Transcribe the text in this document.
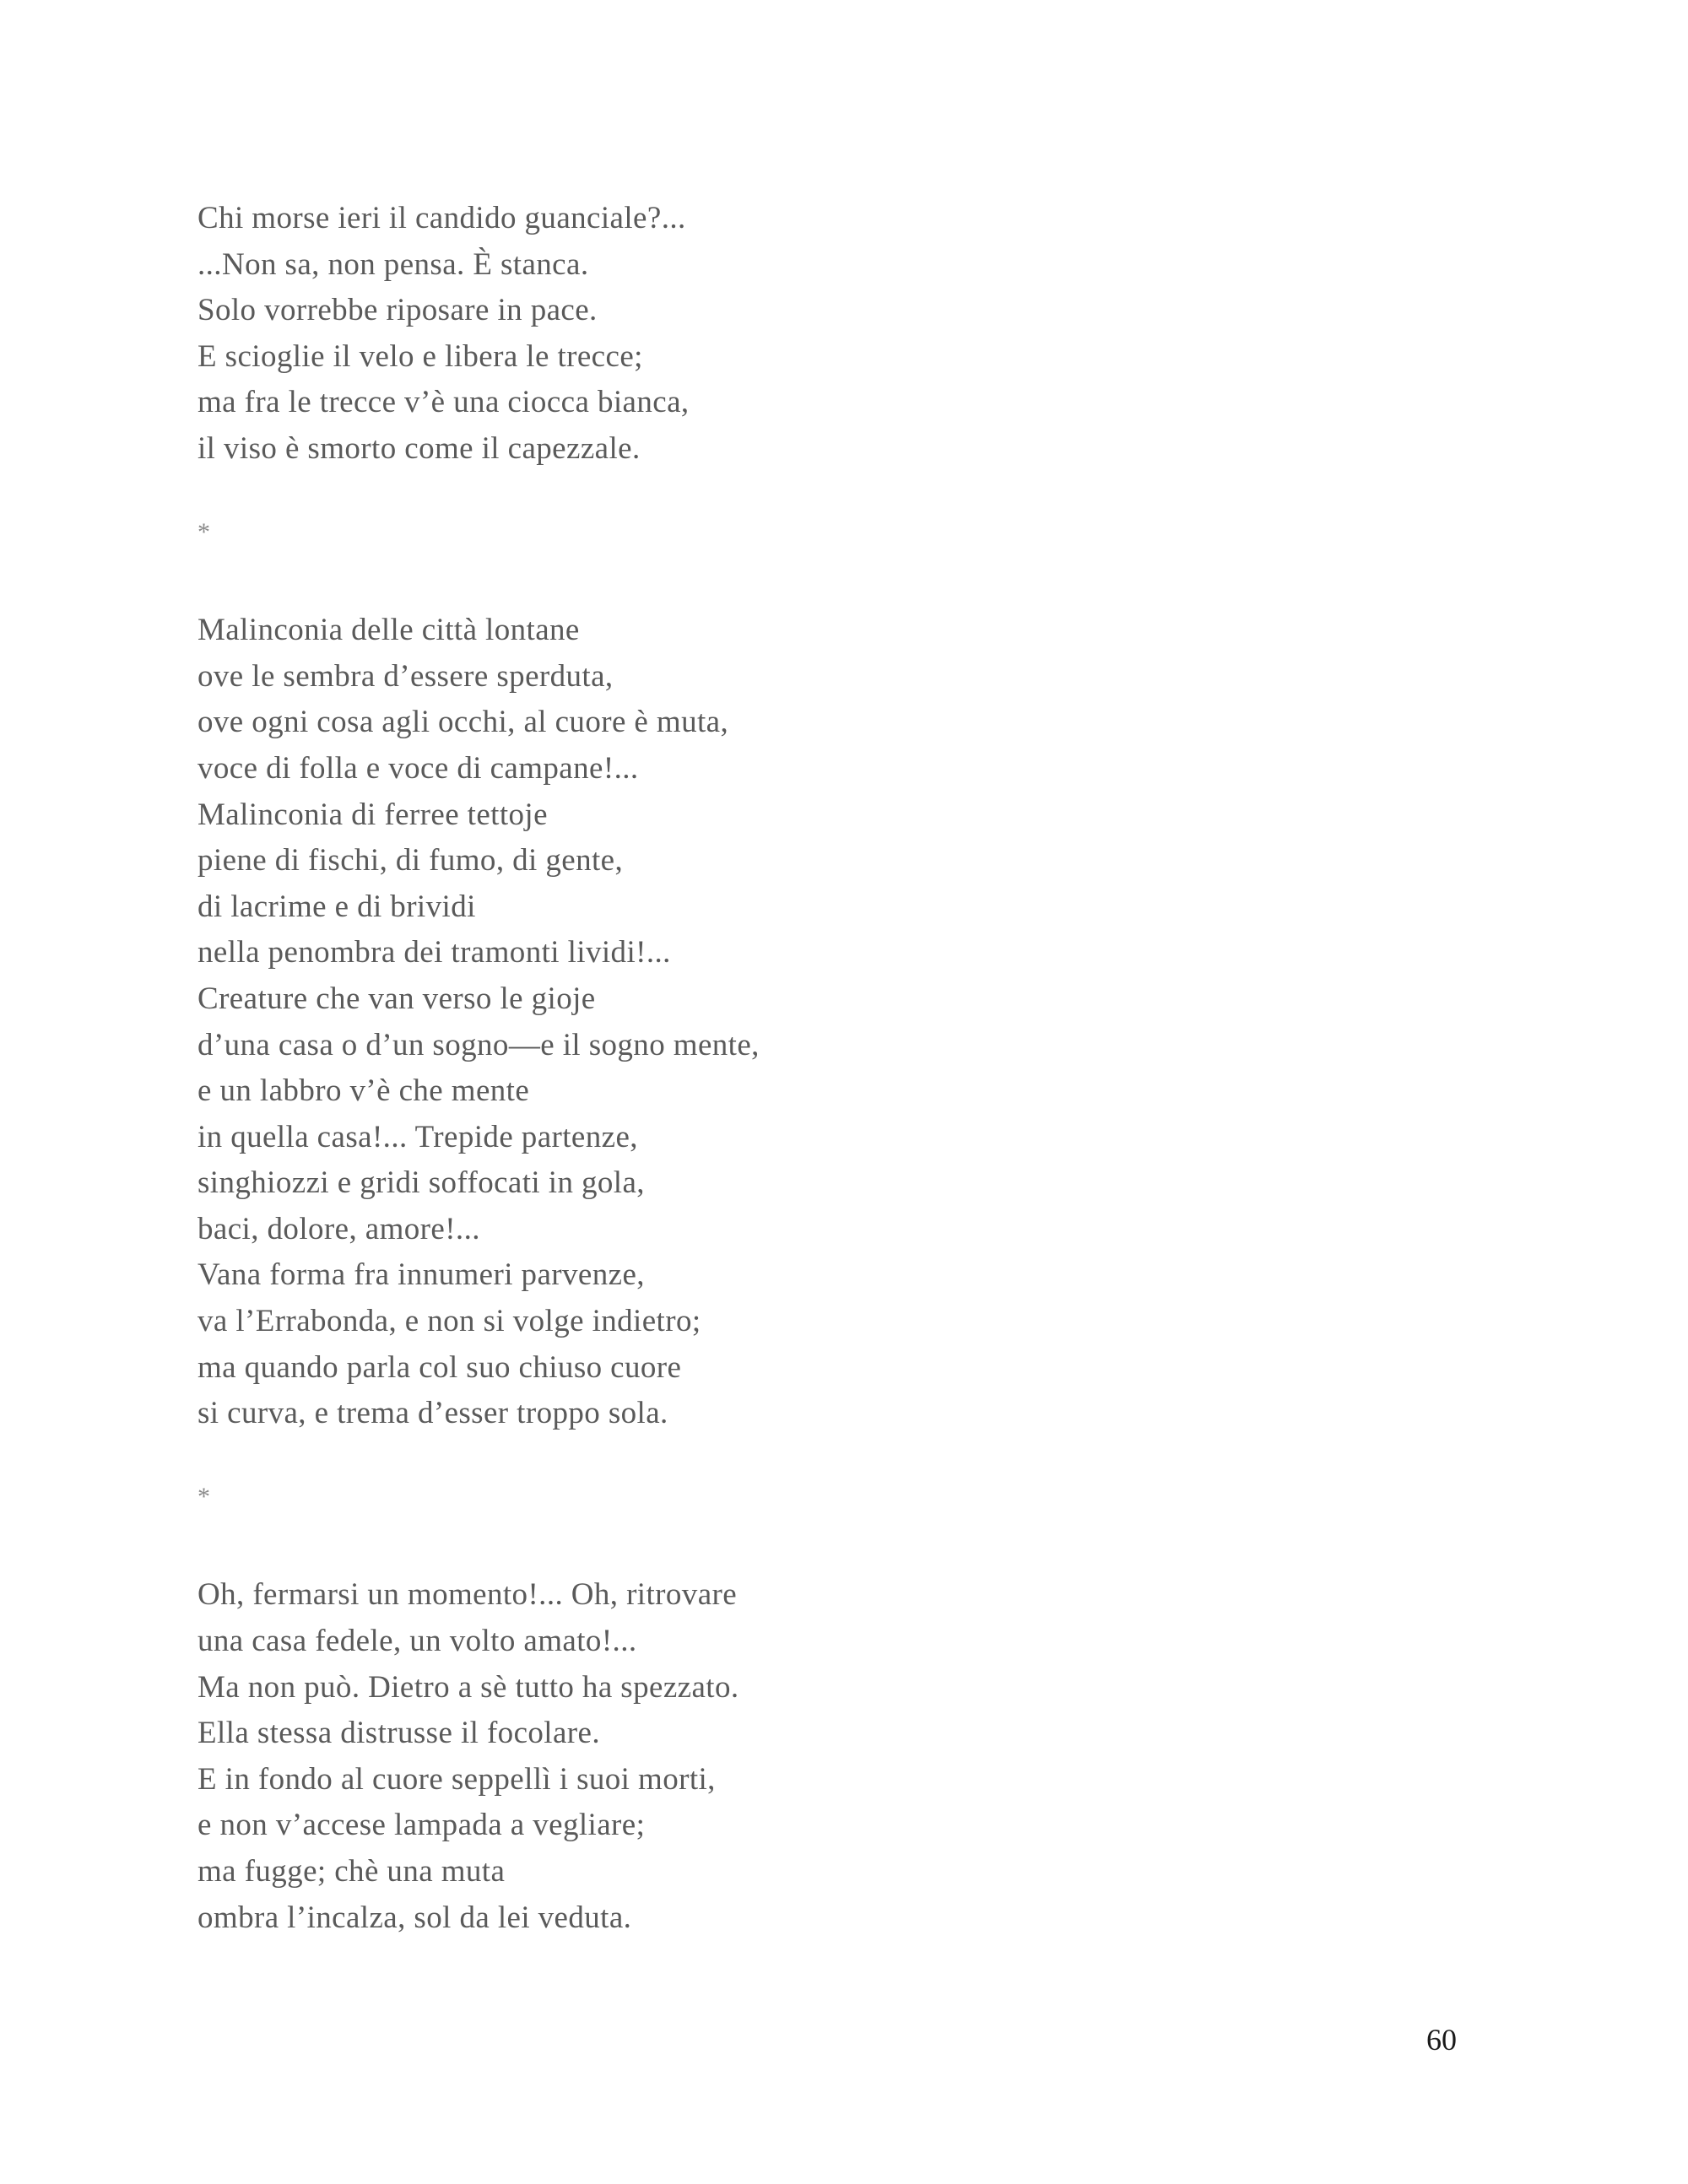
Chi morse ieri il candido guanciale?...
...Non sa, non pensa. È stanca.
Solo vorrebbe riposare in pace.
E scioglie il velo e libera le trecce;
ma fra le trecce v’è una ciocca bianca,
il viso è smorto come il capezzale.
*
Malinconia delle città lontane
ove le sembra d’essere sperduta,
ove ogni cosa agli occhi, al cuore è muta,
voce di folla e voce di campane!...
Malinconia di ferree tettoje
piene di fischi, di fumo, di gente,
di lacrime e di brividi
nella penombra dei tramonti lividi!...
Creature che van verso le gioje
d’una casa o d’un sogno—e il sogno mente,
e un labbro v’è che mente
in quella casa!... Trepide partenze,
singhiozzi e gridi soffocati in gola,
baci, dolore, amore!...
Vana forma fra innumeri parvenze,
va l’Errabonda, e non si volge indietro;
ma quando parla col suo chiuso cuore
si curva, e trema d’esser troppo sola.
*
Oh, fermarsi un momento!... Oh, ritrovare
una casa fedele, un volto amato!...
Ma non può. Dietro a sè tutto ha spezzato.
Ella stessa distrusse il focolare.
E in fondo al cuore seppellì i suoi morti,
e non v’accese lampada a vegliare;
ma fugge; chè una muta
ombra l’incalza, sol da lei veduta.
60
